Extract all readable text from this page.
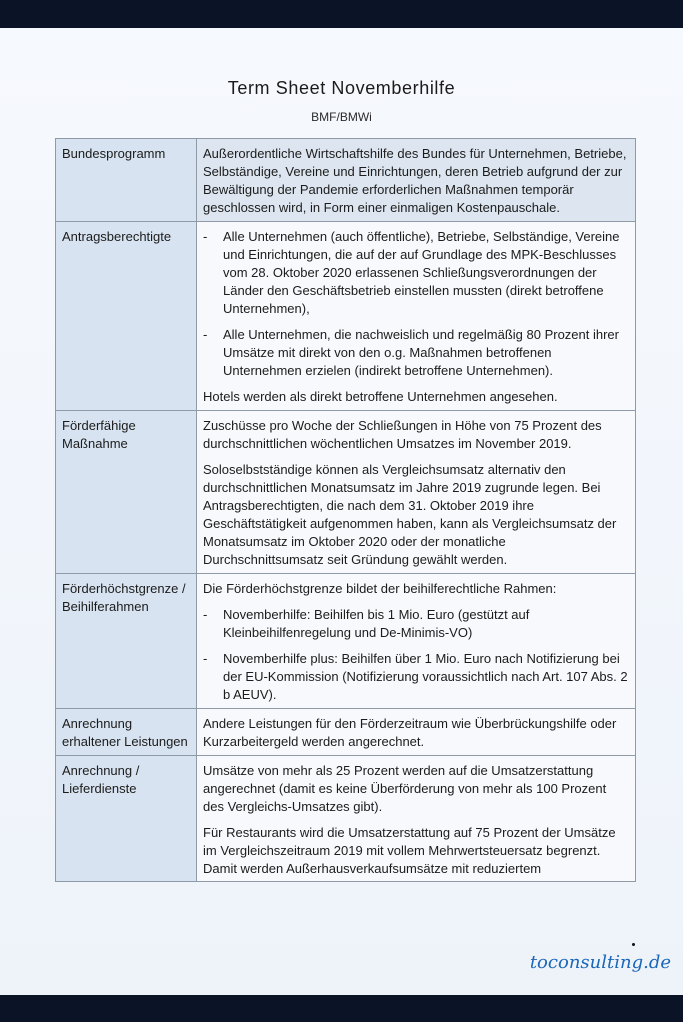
Term Sheet Novemberhilfe
BMF/BMWi
Bundesprogramm	Außerordentliche Wirtschaftshilfe des Bundes für Unternehmen, Betriebe, Selbständige, Vereine und Einrichtungen, deren Betrieb aufgrund der zur Bewältigung der Pandemie erforderlichen Maßnahmen temporär geschlossen wird, in Form einer einmaligen Kostenpauschale.

Antragsberechtigte	- Alle Unternehmen (auch öffentliche), Betriebe, Selbständige, Vereine und Einrichtungen, die auf der auf Grundlage des MPK-Beschlusses vom 28. Oktober 2020 erlassenen Schließungsverordnungen der Länder den Geschäftsbetrieb einstellen mussten (direkt betroffene Unternehmen),
- Alle Unternehmen, die nachweislich und regelmäßig 80 Prozent ihrer Umsätze mit direkt von den o.g. Maßnahmen betroffenen Unternehmen erzielen (indirekt betroffene Unternehmen).
Hotels werden als direkt betroffene Unternehmen angesehen.

Förderfähige Maßnahme	Zuschüsse pro Woche der Schließungen in Höhe von 75 Prozent des durchschnittlichen wöchentlichen Umsatzes im November 2019.
Soloselbstständige können als Vergleichsumsatz alternativ den durchschnittlichen Monatsumsatz im Jahre 2019 zugrunde legen. Bei Antragsberechtigten, die nach dem 31. Oktober 2019 ihre Geschäftstätigkeit aufgenommen haben, kann als Vergleichsumsatz der Monatsumsatz im Oktober 2020 oder der monatliche Durchschnittsumsatz seit Gründung gewählt werden.

Förderhöchstgrenze / Beihilferahmen	Die Förderhöchstgrenze bildet der beihilferechtliche Rahmen:
- Novemberhilfe: Beihilfen bis 1 Mio. Euro (gestützt auf Kleinbeihilfenregelung und De-Minimis-VO)
- Novemberhilfe plus: Beihilfen über 1 Mio. Euro nach Notifizierung bei der EU-Kommission (Notifizierung voraussichtlich nach Art. 107 Abs. 2 b AEUV).

Anrechnung erhaltener Leistungen	Andere Leistungen für den Förderzeitraum wie Überbrückungshilfe oder Kurzarbeitergeld werden angerechnet.

Anrechnung / Lieferdienste	Umsätze von mehr als 25 Prozent werden auf die Umsatzerstattung angerechnet (damit es keine Überförderung von mehr als 100 Prozent des Vergleichs-Umsatzes gibt).
Für Restaurants wird die Umsatzerstattung auf 75 Prozent der Umsätze im Vergleichszeitraum 2019 mit vollem Mehrwertsteuersatz begrenzt. Damit werden Außerhausverkaufsumsätze mit reduziertem
toconsulting.de
